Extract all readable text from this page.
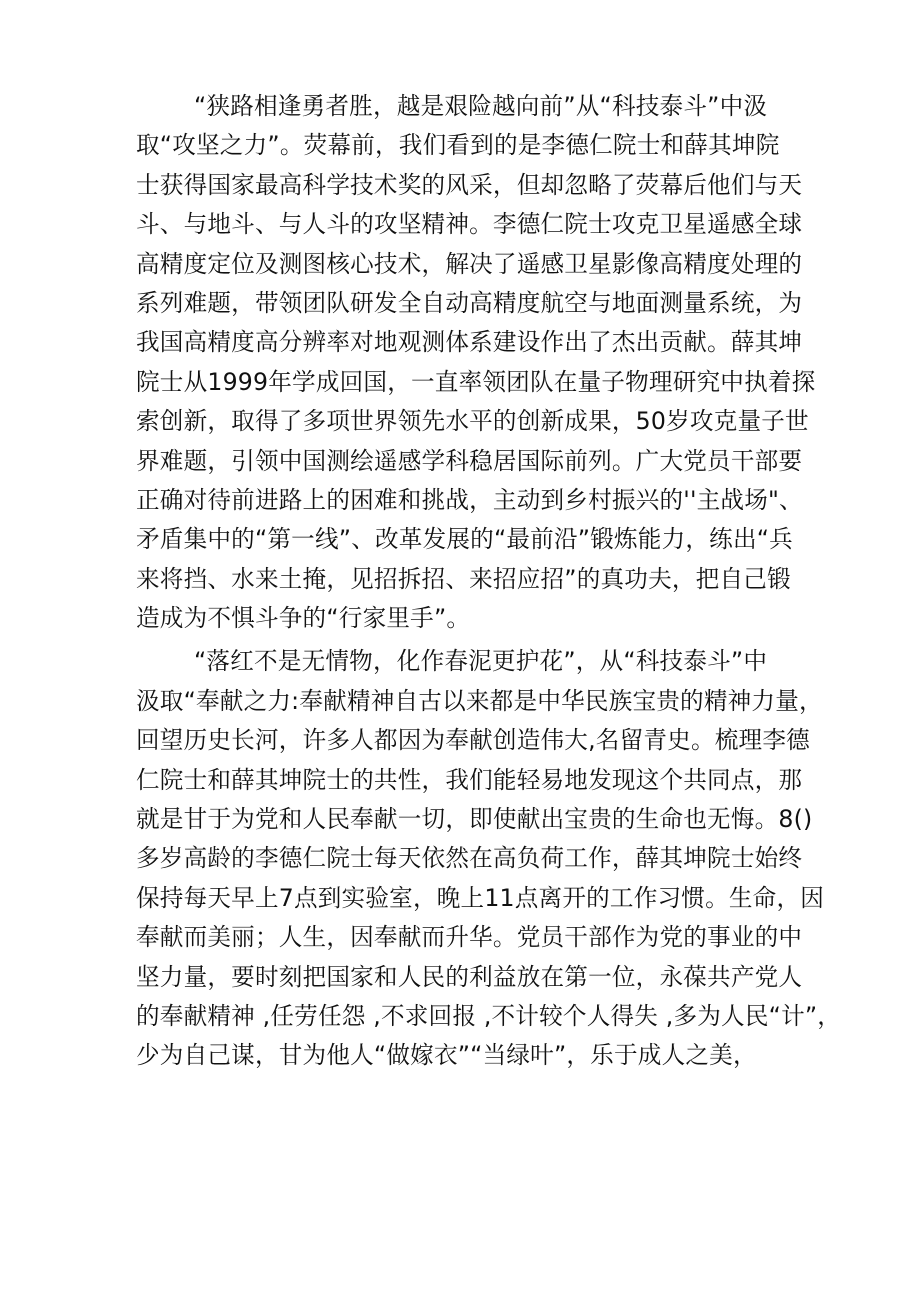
“狭路相逢勇者胜，越是艰险越向前”从“科技泰斗”中汲
取“攻坚之力”。荧幕前，我们看到的是李德仁院士和薛其坤院
士获得国家最高科学技术奖的风采，但却忽略了荧幕后他们与天
斗、与地斗、与人斗的攻坚精神。李德仁院士攻克卫星遥感全球
高精度定位及测图核心技术，解决了遥感卫星影像高精度处理的
系列难题，带领团队研发全自动高精度航空与地面测量系统，为
我国高精度高分辨率对地观测体系建设作出了杰出贡献。薛其坤
院士从1999年学成回国，一直率领团队在量子物理研究中执着探
索创新，取得了多项世界领先水平的创新成果，50岁攻克量子世
界难题，引领中国测绘遥感学科稳居国际前列。广大党员干部要
正确对待前进路上的困难和挑战，主动到乡村振兴的''主战场"、
矛盾集中的“第一线”、改革发展的“最前沿”锻炼能力，练出“兵
来将挡、水来土掩，见招拆招、来招应招”的真功夫，把自己锻
造成为不惧斗争的“行家里手”。
“落红不是无情物，化作春泥更护花”，从“科技泰斗”中
汲取“奉献之力:奉献精神自古以来都是中华民族宝贵的精神力量，
回望历史长河，许多人都因为奉献创造伟大,名留青史。梳理李德
仁院士和薛其坤院士的共性，我们能轻易地发现这个共同点，那
就是甘于为党和人民奉献一切，即使献出宝贵的生命也无悔。8()
多岁高龄的李德仁院士每天依然在高负荷工作，薛其坤院士始终
保持每天早上7点到实验室，晚上11点离开的工作习惯。生命，因
奉献而美丽；人生，因奉献而升华。党员干部作为党的事业的中
坚力量，要时刻把国家和人民的利益放在第一位，永葆共产党人
的奉献精神 ,任劳任怨 ,不求回报 ,不计较个人得失 ,多为人民“计”，
少为自己谋，甘为他人“做嫁衣”“当绿叶”，乐于成人之美，
